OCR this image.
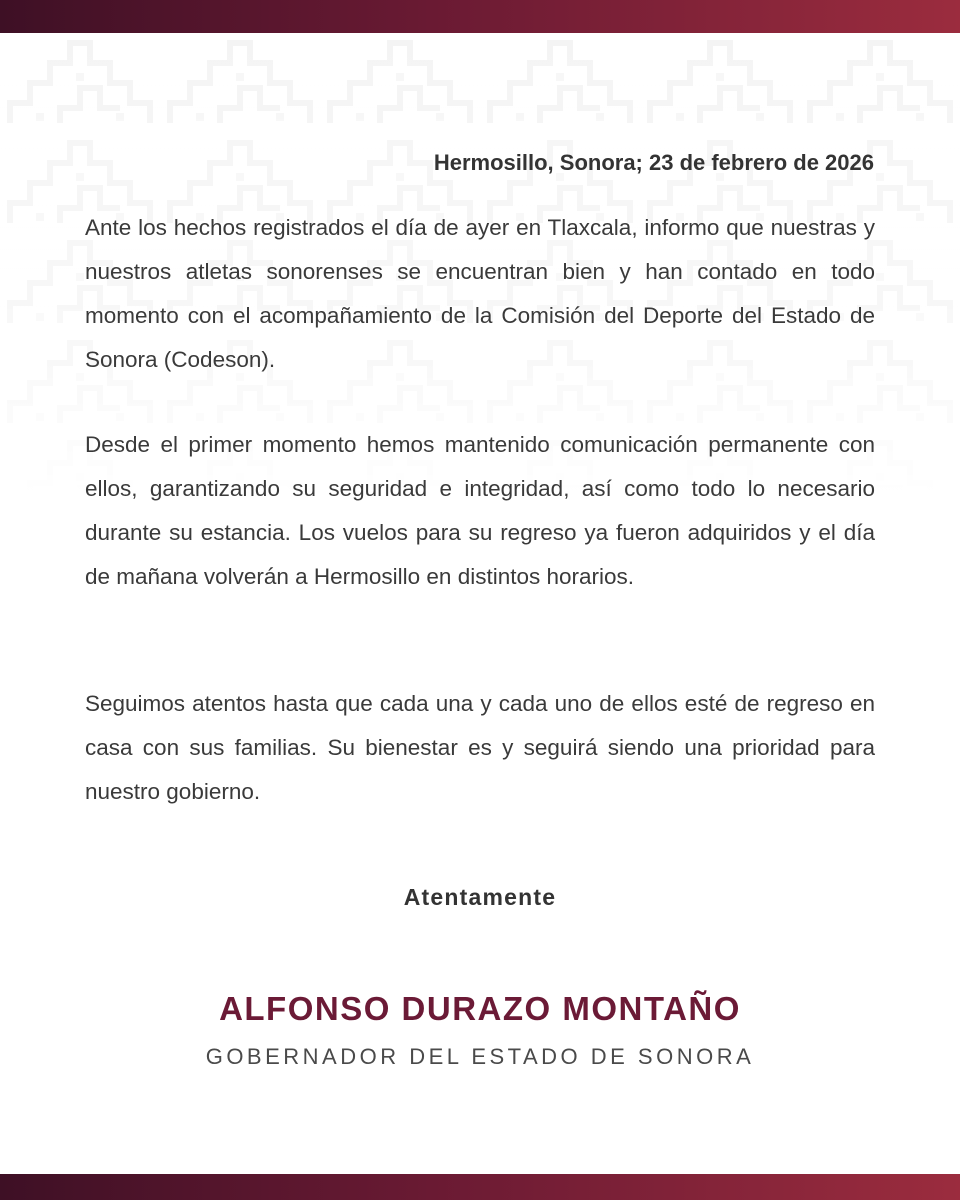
Hermosillo, Sonora; 23 de febrero de 2026

Ante los hechos registrados el día de ayer en Tlaxcala, informo que nuestras y nuestros atletas sonorenses se encuentran bien y han contado en todo momento con el acompañamiento de la Comisión del Deporte del Estado de Sonora (Codeson).

Desde el primer momento hemos mantenido comunicación permanente con ellos, garantizando su seguridad e integridad, así como todo lo necesario durante su estancia. Los vuelos para su regreso ya fueron adquiridos y el día de mañana volverán a Hermosillo en distintos horarios.

Seguimos atentos hasta que cada una y cada uno de ellos esté de regreso en casa con sus familias. Su bienestar es y seguirá siendo una prioridad para nuestro gobierno.

Atentamente
ALFONSO DURAZO MONTAÑO
GOBERNADOR DEL ESTADO DE SONORA
